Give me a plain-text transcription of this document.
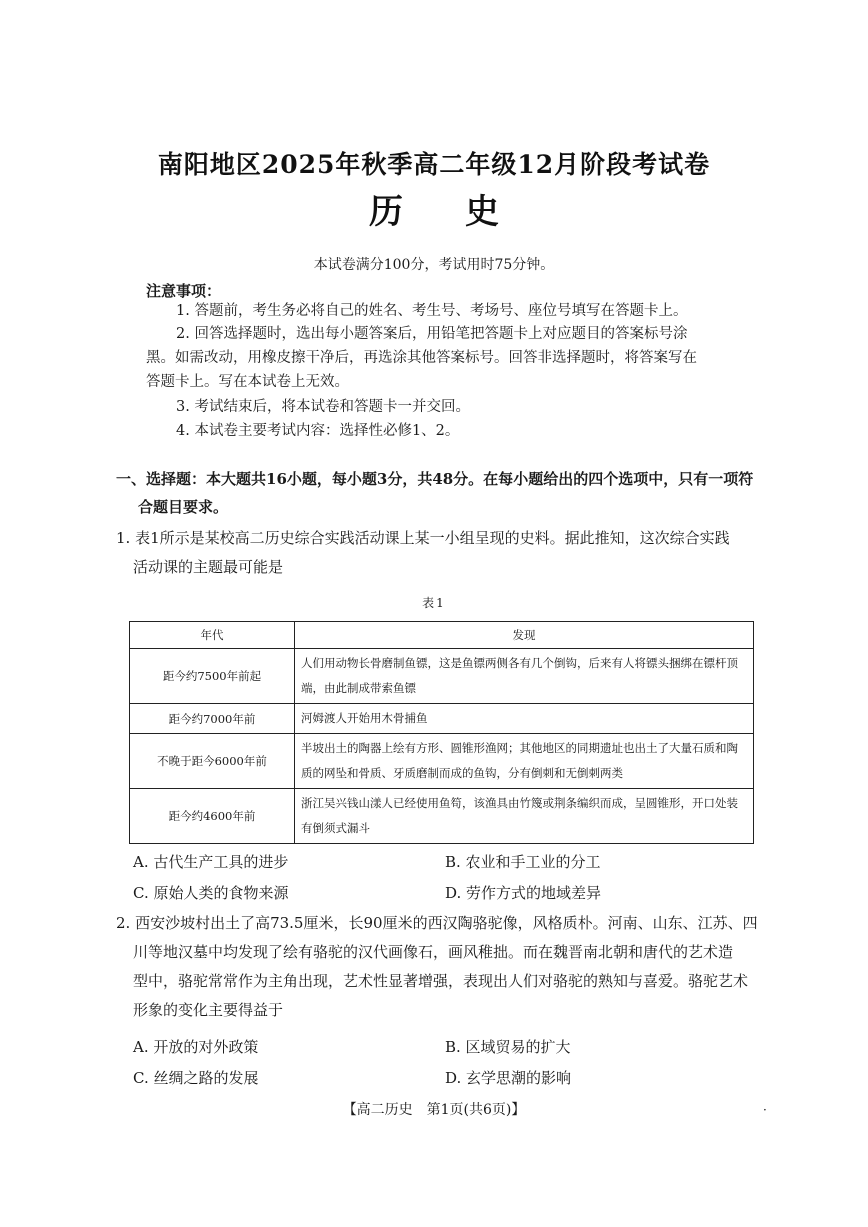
南阳地区2025年秋季高二年级12月阶段考试卷
历史
本试卷满分100分，考试用时75分钟。
注意事项：
1. 答题前，考生务必将自己的姓名、考生号、考场号、座位号填写在答题卡上。
2. 回答选择题时，选出每小题答案后，用铅笔把答题卡上对应题目的答案标号涂
黑。如需改动，用橡皮擦干净后，再选涂其他答案标号。回答非选择题时，将答案写在
答题卡上。写在本试卷上无效。
3. 考试结束后，将本试卷和答题卡一并交回。
4. 本试卷主要考试内容：选择性必修1、2。
一、选择题：本大题共16小题，每小题3分，共48分。在每小题给出的四个选项中，只有一项符
合题目要求。
1. 表1所示是某校高二历史综合实践活动课上某一小组呈现的史料。据此推知，这次综合实践
活动课的主题最可能是
表1
年代	发现
距今约7500年前起	人们用动物长骨磨制鱼镖，这是鱼镖两侧各有几个倒钩，后来有人将镖头捆绑在镖杆顶端，由此制成带索鱼镖
距今约7000年前	河姆渡人开始用木骨捕鱼
不晚于距今6000年前	半坡出土的陶器上绘有方形、圆锥形渔网；其他地区的同期遗址也出土了大量石质和陶质的网坠和骨质、牙质磨制而成的鱼钩，分有倒刺和无倒刺两类
距今约4600年前	浙江吴兴钱山漾人已经使用鱼笱，该渔具由竹篾或荆条编织而成，呈圆锥形，开口处装有倒须式漏斗
A. 古代生产工具的进步	B. 农业和手工业的分工
C. 原始人类的食物来源	D. 劳作方式的地域差异
2. 西安沙坡村出土了高73.5厘米，长90厘米的西汉陶骆驼像，风格质朴。河南、山东、江苏、四
川等地汉墓中均发现了绘有骆驼的汉代画像石，画风稚拙。而在魏晋南北朝和唐代的艺术造
型中，骆驼常常作为主角出现，艺术性显著增强，表现出人们对骆驼的熟知与喜爱。骆驼艺术
形象的变化主要得益于
A. 开放的对外政策	B. 区域贸易的扩大
C. 丝绸之路的发展	D. 玄学思潮的影响
【高二历史　第1页(共6页)】	·
